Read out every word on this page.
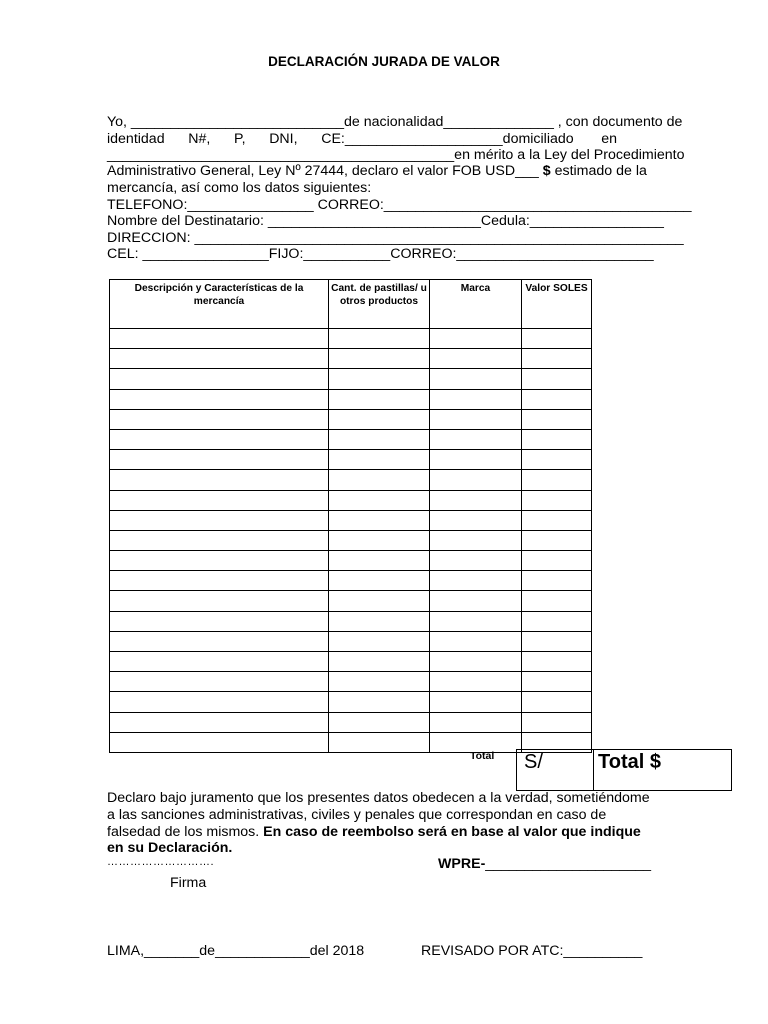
DECLARACIÓN JURADA DE VALOR
Yo, ___________________________de nacionalidad______________ , con documento de
identidad      N#,      P,      DNI,      CE:____________________domiciliado       en
____________________________________________en mérito a la Ley del Procedimiento
Administrativo General, Ley Nº 27444, declaro el valor FOB USD___ $ estimado de la
mercancía, así como los datos siguientes:
TELEFONO:________________ CORREO:_______________________________________
Nombre del Destinatario: ___________________________Cedula:_________________
DIRECCION: ______________________________________________________________
CEL: ________________FIJO:___________CORREO:_________________________
Descripción y Características de la mercancía	Cant. de pastillas/ u otros productos	Marca	Valor SOLES

Total S/	Total $
Declaro bajo juramento que los presentes datos obedecen a la verdad, sometiéndome a las sanciones administrativas, civiles y penales que correspondan en caso de falsedad de los mismos. En caso de reembolso será en base al valor que indique en su Declaración.
……………………….
Firma
WPRE-_____________________
LIMA,_______de____________del 2018	REVISADO POR ATC:__________
